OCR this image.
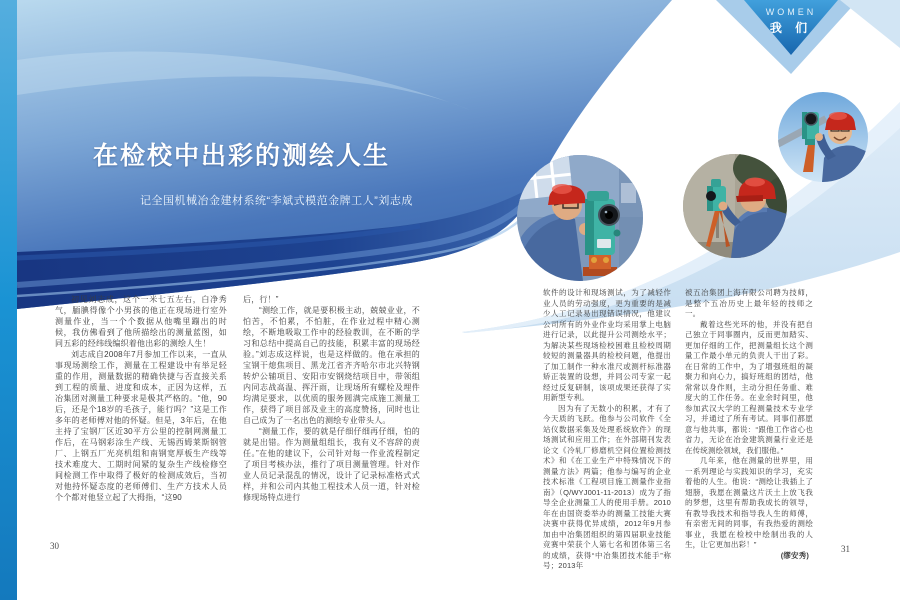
WOMEN
我 们
在检校中出彩的测绘人生
记全国机械冶金建材系统“李斌式模范金牌工人”刘志成

初见刘志成，这个一米七五左右，白净秀气，腼腆得像个小男孩的他正在现场进行室外测量作业，当一个个数据从他嘴里蹦出的时候，我仿佛看到了他所描绘出的测量蓝图，如同五彩的经纬线编织着他出彩的测绘人生！

刘志成自2008年7月参加工作以来，一直从事现场测绘工作，测量在工程建设中有举足轻重的作用，测量数据的精确快捷与否直接关系到工程的质量、进度和成本，正因为这样，五冶集团对测量工种要求是极其严格的。“他，90后，还是个18岁的毛孩子，能行吗？”这是工作多年的老师傅对他的怀疑。但是，3年后，在他主持了宝钢厂区近30平方公里的控制网测量工作后，在马钢彩涂生产线、无锡西姆莱斯钢管厂、上钢五厂光亮机组和南钢宽厚板生产线等技术难度大、工期时间紧的复杂生产线检修空间检测工作中取得了极好的检测成效后，当初对他持怀疑态度的老师傅们、生产方技术人员个个都对他竖立起了大拇指，“这90

后，行！”

“测绘工作，就是要积极主动，兢兢业业，不怕苦，不怕累，不怕脏，在作业过程中精心测绘，不断地吸取工作中的经验教训，在不断的学习和总结中提高自己的技能，积累丰富的现场经验。”刘志成这样说，也是这样做的。他在承担的宝钢干熄焦项目、黑龙江省齐齐哈尔市北兴特钢转炉公辅项目、安阳市安钢烧结项目中，带领组内同志战高温、挥汗雨，让现场所有螺栓及埋件均满足要求，以优质的服务圆满完成施工测量工作，获得了项目部及业主的高度赞扬，同时也让自己成为了一名出色的测绘专业带头人。

“测量工作，要的就是仔细仔细再仔细，怕的就是出错。作为测量组组长，我有义不容辞的责任。”在他的建议下，公司针对每一作业流程制定了项目考核办法，推行了项目测量管理。针对作业人员记录混乱的情况，设计了记录标准格式式样，并和公司内其他工程技术人员一道，针对检修现场特点进行

软件的设计和现场测试，为了减轻作业人员的劳动强度，更为重要的是减少人工记录易出现错误情况，他建议公司所有的外业作业均采用掌上电脑进行记录，以此提升公司测绘水平；为解决某些现场检校困难且检校周期较短的测量器具的检校问题，他提出了加工制作一种水准尺或测杆标准器矫正装置的设想，并同公司专家一起经过反复研制，该项成果还获得了实用新型专利。

因为有了无数小的积累，才有了今天质的飞跃。他参与公司软件《全站仪数据采集及处理系统软件》的现场测试和应用工作；在外部期刊发表论文《冷轧厂修磨机空间位置检测技术》和《在工业生产中特殊情况下的测量方法》两篇；他参与编写的企业技术标准《工程项目施工测量作业指南》（Q/WYJ001-11-2013）成为了指导全企业测量工人的使用手册。2010年在由国资委举办的测量工技能大赛决赛中获得优异成绩，2012年9月参加由中冶集团组织的第四届职业技能竞赛中荣获个人第七名和团体第三名的成绩，获得“中冶集团技术能手”称号；2013年

被五冶集团上海有限公司聘为技师，是整个五冶历史上最年轻的技师之一。

戴着这些光环的他，并没有把自己独立于同事圈内，反而更加踏实、更加仔细的工作，把测量组长这个测量工作最小单元的负责人干出了彩。在日常的工作中，为了增强班组的凝聚力和向心力，搞好班组的团结，他常常以身作则，主动分担任务重、难度大的工作任务。在业余时间里，他参加武汉大学的工程测量技术专业学习，并通过了所有考试。同事们都愿意与他共事，都说：“跟他工作省心也省力，无论在冶金建筑测量行业还是在传统测绘领域，我们服他。”

几年来，他在测量的世界里，用一系列理论与实践知识的学习，充实着他的人生。他说：“测绘让我插上了翅膀，我愿在测量这片沃土上放飞我的梦想，这里有帮助我成长的领导，有教导我技术和指导我人生的师傅，有亲密无间的同事，有我热爱的测绘事业，我愿在检校中绘制出我的人生，让它更加出彩！”

(缪安秀)

30	31
